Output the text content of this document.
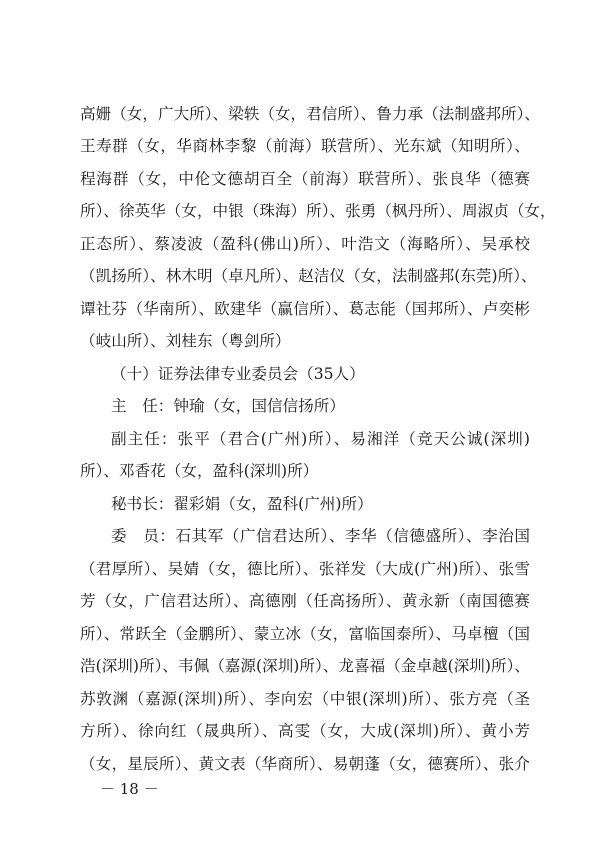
高姗（女，广大所）、梁轶（女，君信所）、鲁力承（法制盛邦所）、
王寿群（女，华商林李黎（前海）联营所）、光东斌（知明所）、
程海群（女，中伦文德胡百全（前海）联营所）、张良华（德赛
所）、徐英华（女，中银（珠海）所）、张勇（枫丹所）、周淑贞（女，
正态所）、蔡凌波（盈科(佛山)所）、叶浩文（海略所）、吴承校
（凯扬所）、林木明（卓凡所）、赵洁仪（女，法制盛邦(东莞)所）、
谭社芬（华南所）、欧建华（赢信所）、葛志能（国邦所）、卢奕彬
（岐山所）、刘桂东（粤剑所）
（十）证券法律专业委员会（35人）
主　任：钟瑜（女，国信信扬所）
副主任：张平（君合(广州)所）、易湘洋（竞天公诚(深圳)
所）、邓香花（女，盈科(深圳)所）
秘书长：翟彩娟（女，盈科(广州)所）
委　员：石其军（广信君达所）、李华（信德盛所）、李治国
（君厚所）、吴婧（女，德比所）、张祥发（大成(广州)所）、张雪
芳（女，广信君达所）、高德刚（任高扬所）、黄永新（南国德赛
所）、常跃全（金鹏所）、蒙立冰（女，富临国泰所）、马卓檀（国
浩(深圳)所）、韦佩（嘉源(深圳)所）、龙喜福（金卓越(深圳)所）、
苏敦渊（嘉源(深圳)所）、李向宏（中银(深圳)所）、张方亮（圣
方所）、徐向红（晟典所）、高雯（女，大成(深圳)所）、黄小芳
（女，星辰所）、黄文表（华商所）、易朝蓬（女，德赛所）、张介
－ 18 －
